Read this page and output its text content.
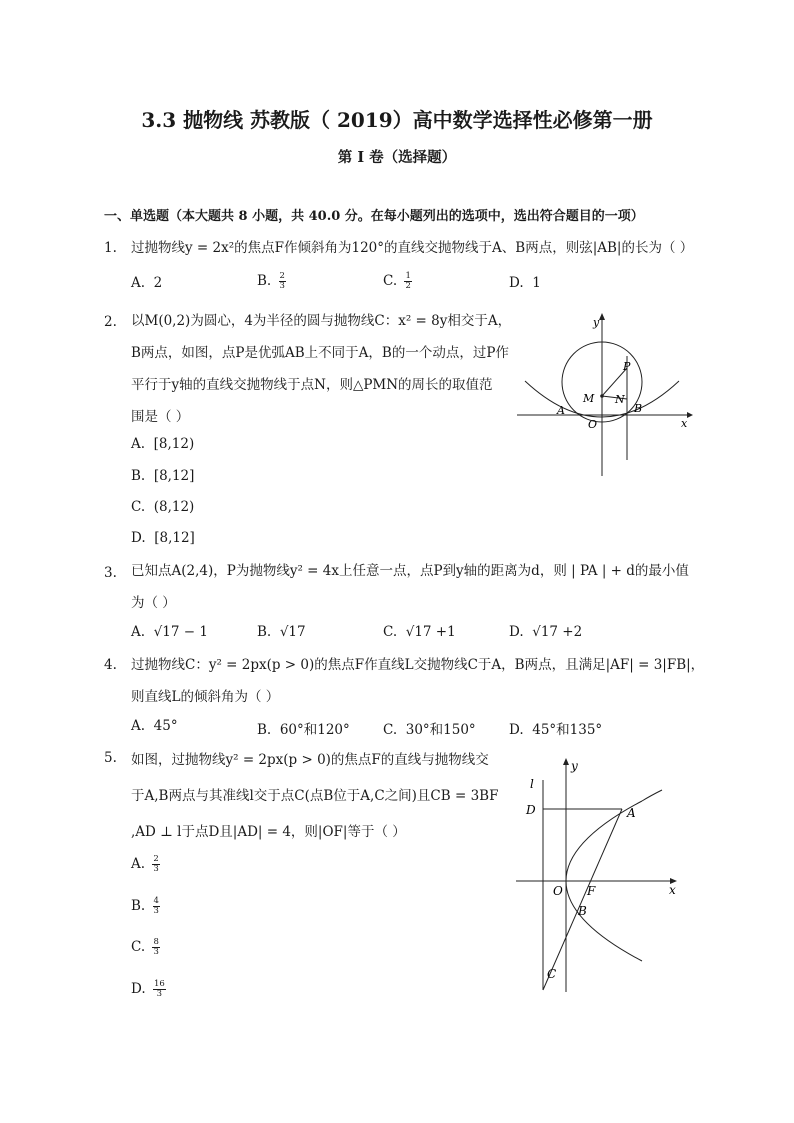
3.3 抛物线 苏教版（ 2019）高中数学选择性必修第一册
第 I 卷（选择题）
一、单选题（本大题共 8 小题，共 40.0 分。在每小题列出的选项中，选出符合题目的一项）
1. 过抛物线y = 2x²的焦点F作倾斜角为120°的直线交抛物线于A、B两点，则弦|AB|的长为（ ）
A. 2	B. $\frac{2}{3}$	C. $\frac{1}{2}$	D. 1
2. 以M(0,2)为圆心，4为半径的圆与抛物线C：x² = 8y相交于A，
B两点，如图，点P是优弧AB上不同于A，B的一个动点，过P作
平行于y轴的直线交抛物线于点N，则△PMN的周长的取值范
围是（ ）
A. [8,12)
B. [8,12]
C. (8,12)
D. [8,12]
y
P
M N
A	B
O	x
3. 已知点A(2,4)，P为抛物线y² = 4x上任意一点，点P到y轴的距离为d，则 | PA | + d的最小值
为（ ）
A. √17 − 1	B. √17	C. √17 +1	D. √17 +2
4. 过抛物线C：y² = 2px(p > 0)的焦点F作直线L交抛物线C于A，B两点，且满足|AF| = 3|FB|，
则直线L的倾斜角为（ ）
A. 45°	B. 60°和120° C. 30°和150° D. 45°和135°
5. 如图，过抛物线y² = 2px(p > 0)的焦点F的直线与抛物线交
于A,B两点与其准线l交于点C(点B位于A,C之间)且CB = 3BF
,AD ⊥ l于点D且|AD| = 4，则|OF|等于（ ）
A. $\frac{2}{3}$
B. $\frac{4}{3}$
C. $\frac{8}{3}$
D. $\frac{16}{3}$
l
y
D	A
O F	x
B
C
